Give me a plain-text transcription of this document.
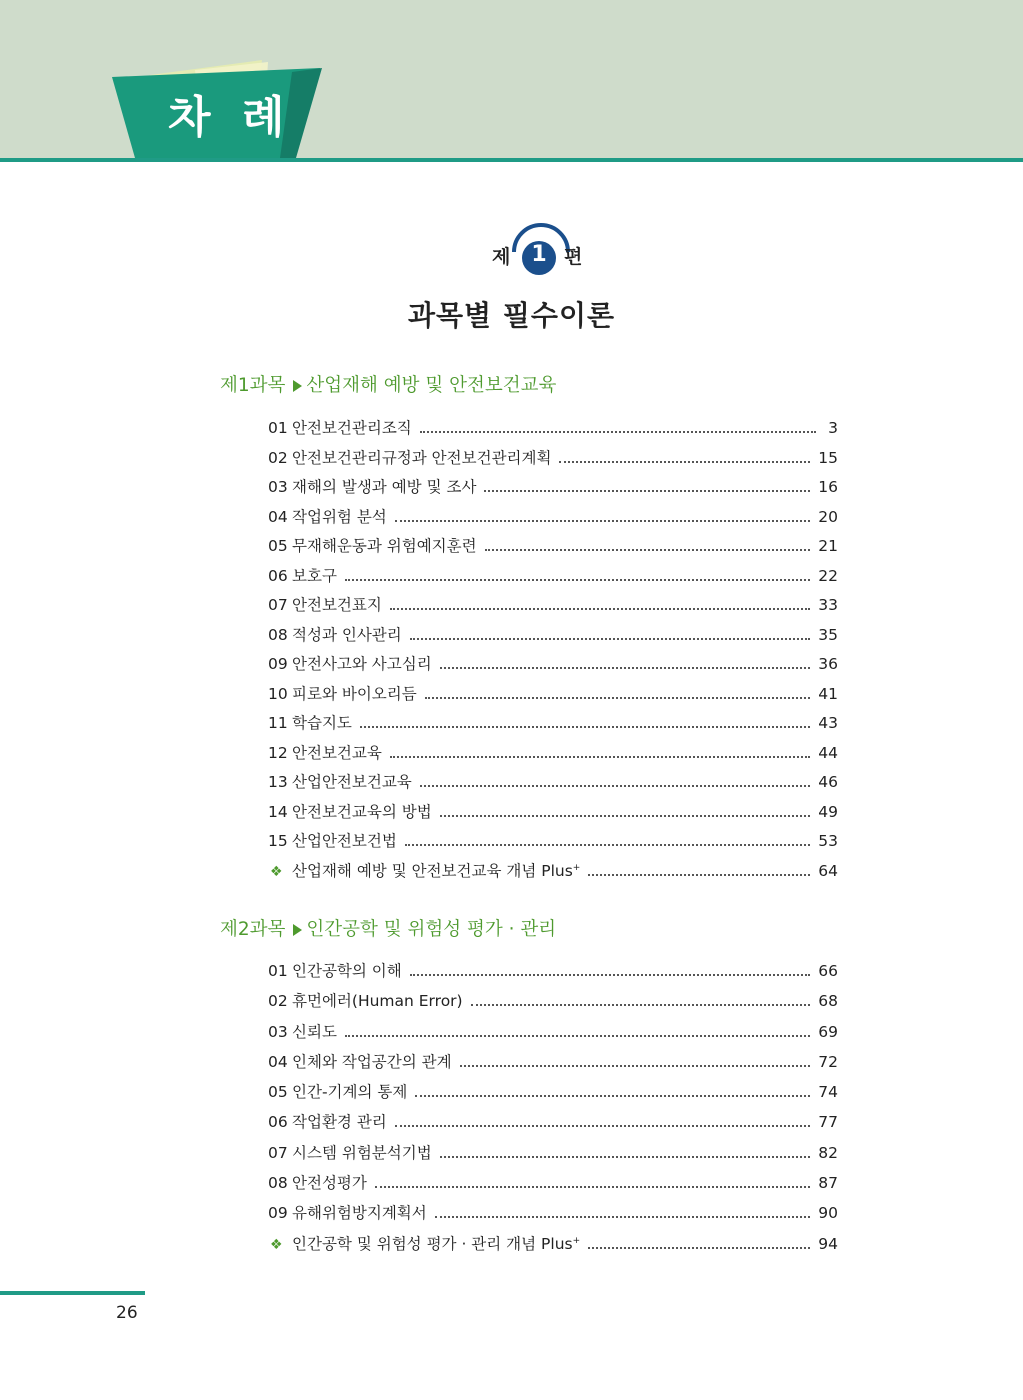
차 례
제 1 편
과목별 필수이론
제1과목 산업재해 예방 및 안전보건교육
01 안전보건관리조직	3
02 안전보건관리규정과 안전보건관리계획	15
03 재해의 발생과 예방 및 조사	16
04 작업위험 분석	20
05 무재해운동과 위험예지훈련	21
06 보호구	22
07 안전보건표지	33
08 적성과 인사관리	35
09 안전사고와 사고심리	36
10 피로와 바이오리듬	41
11 학습지도	43
12 안전보건교육	44
13 산업안전보건교육	46
14 안전보건교육의 방법	49
15 산업안전보건법	53
❖ 산업재해 예방 및 안전보건교육 개념 Plus+	64
제2과목 인간공학 및 위험성 평가 · 관리
01 인간공학의 이해	66
02 휴먼에러(Human Error)	68
03 신뢰도	69
04 인체와 작업공간의 관계	72
05 인간-기계의 통제	74
06 작업환경 관리	77
07 시스템 위험분석기법	82
08 안전성평가	87
09 유해위험방지계획서	90
❖ 인간공학 및 위험성 평가 · 관리 개념 Plus+	94
26
